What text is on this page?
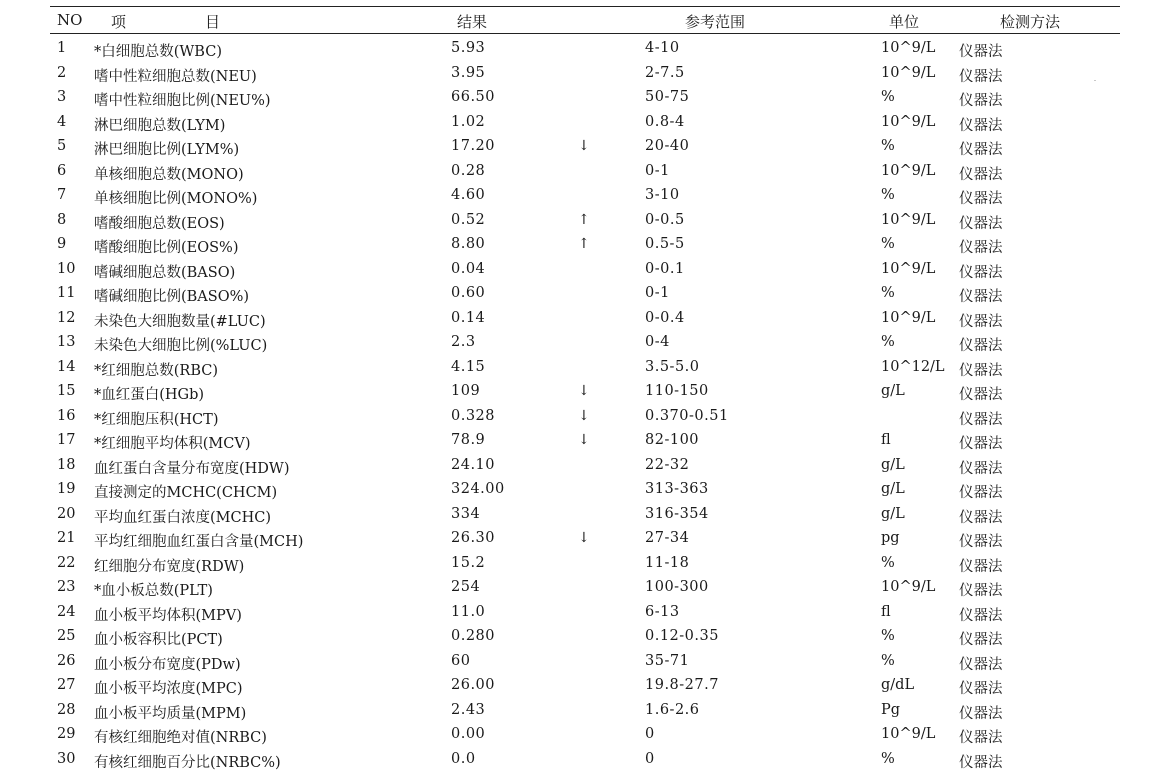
NO 项	目	结果	参考范围	单位	检测方法
1 *白细胞总数(WBC)	5.93	4-10	10^9/L 仪器法
2 嗜中性粒细胞总数(NEU)	3.95	2-7.5	10^9/L 仪器法
3 嗜中性粒细胞比例(NEU%)	66.50	50-75	%	仪器法
4 淋巴细胞总数(LYM)	1.02	0.8-4	10^9/L 仪器法
5 淋巴细胞比例(LYM%)	17.20	↓	20-40	%	仪器法
6 单核细胞总数(MONO)	0.28	0-1	10^9/L 仪器法
7 单核细胞比例(MONO%)	4.60	3-10	%	仪器法
8 嗜酸细胞总数(EOS)	0.52	↑	0-0.5	10^9/L 仪器法
9 嗜酸细胞比例(EOS%)	8.80	↑	0.5-5	%	仪器法
10 嗜碱细胞总数(BASO)	0.04	0-0.1	10^9/L 仪器法
11 嗜碱细胞比例(BASO%)	0.60	0-1	%	仪器法
12 未染色大细胞数量(#LUC)	0.14	0-0.4	10^9/L 仪器法
13 未染色大细胞比例(%LUC)	2.3	0-4	%	仪器法
14 *红细胞总数(RBC)	4.15	3.5-5.0	10^12/L 仪器法
15 *血红蛋白(HGb)	109	↓	110-150	g/L	仪器法
16 *红细胞压积(HCT)	0.328	↓	0.370-0.51	仪器法
17 *红细胞平均体积(MCV)	78.9	↓	82-100	fl	仪器法
18 血红蛋白含量分布宽度(HDW)	24.10	22-32	g/L	仪器法
19 直接测定的MCHC(CHCM)	324.00	313-363	g/L	仪器法
20 平均血红蛋白浓度(MCHC)	334	316-354	g/L	仪器法
21 平均红细胞血红蛋白含量(MCH)	26.30	↓	27-34	pg	仪器法
22 红细胞分布宽度(RDW)	15.2	11-18	%	仪器法
23 *血小板总数(PLT)	254	100-300	10^9/L 仪器法
24 血小板平均体积(MPV)	11.0	6-13	fl	仪器法
25 血小板容积比(PCT)	0.280	0.12-0.35	%	仪器法
26 血小板分布宽度(PDw)	60	35-71	%	仪器法
27 血小板平均浓度(MPC)	26.00	19.8-27.7	g/dL	仪器法
28 血小板平均质量(MPM)	2.43	1.6-2.6	Pg	仪器法
29 有核红细胞绝对值(NRBC)	0.00	0	10^9/L 仪器法
30 有核红细胞百分比(NRBC%)	0.0	0	%	仪器法
